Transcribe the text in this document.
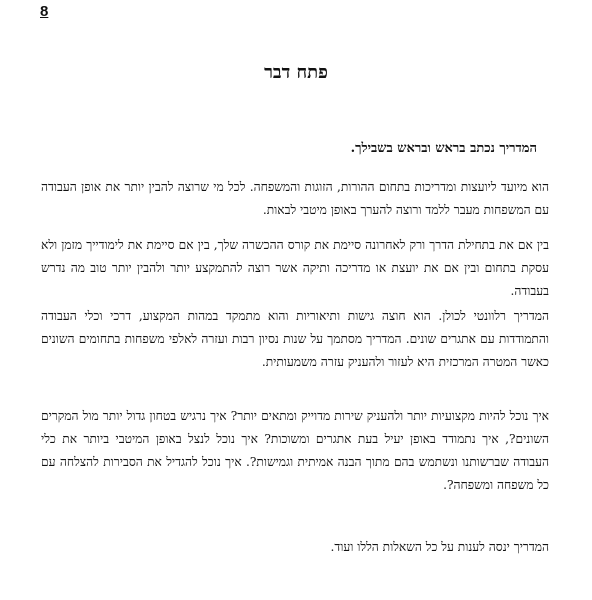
8
פתח דבר
המדריך נכתב בראש ובראש בשבילך.

הוא מיועד ליועצות ומדריכות בתחום ההורות, הזוגות והמשפחה. לכל מי שרוצה להבין יותר את אופן העבודה עם המשפחות מעבר ללמד ורוצה להערך באופן מיטבי לבאות.

בין אם את בתחילת הדרך ורק לאחרונה סיימת את קורס ההכשרה שלך, בין אם סיימת את לימודייך מזמן ולא עסקת בתחום ובין אם את יועצת או מדריכה ותיקה אשר רוצה להתמקצע יותר ולהבין יותר טוב מה נדרש בעבודה.

המדריך רלוונטי לכולן. הוא חוצה גישות ותיאוריות והוא מתמקד במהות המקצוע, דרכי וכלי העבודה והתמודדות עם אתגרים שונים. המדריך מסתמך על שנות נסיון רבות ועזרה לאלפי משפחות בתחומים השונים כאשר המטרה המרכזית היא לעזור ולהעניק עזרה משמעותית.

איך נוכל להיות מקצועיות יותר ולהעניק שירות מדוייק ומתאים יותר? איך נרגיש בטחון גדול יותר מול המקרים השונים?, איך נתמודד באופן יעיל בעת אתגרים ומשוכות? איך נוכל לנצל באופן המיטבי ביותר את כלי העבודה שברשותנו ונשתמש בהם מתוך הבנה אמיתית וגמישות?. איך נוכל להגדיל את הסבירות להצלחה עם כל משפחה ומשפחה?.

המדריך ינסה לענות על כל השאלות הללו ועוד.
